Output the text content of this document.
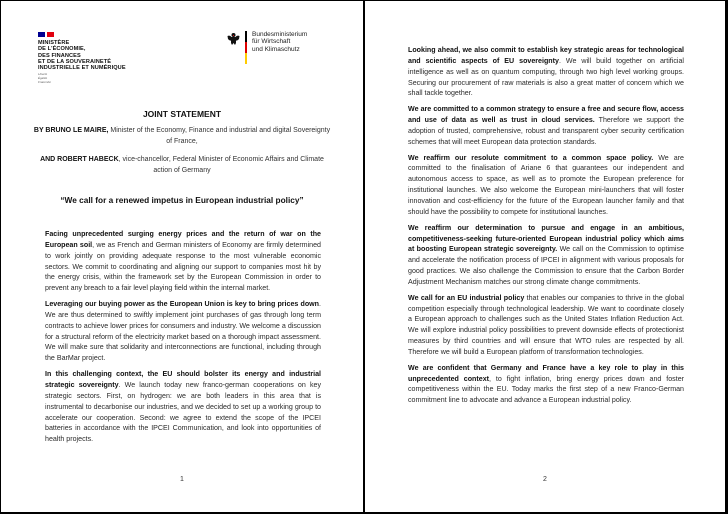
MINISTÈRE
DE L'ÉCONOMIE,
DES FINANCES
ET DE LA SOUVERAINETÉ
INDUSTRIELLE ET NUMÉRIQUE
Liberté
Égalité
Fraternité
Bundesministerium
für Wirtschaft
und Klimaschutz
JOINT STATEMENT
BY BRUNO LE MAIRE, Minister of the Economy, Finance and industrial and digital Sovereignty of France,
AND ROBERT HABECK, vice-chancellor, Federal Minister of Economic Affairs and Climate action of Germany
“We call for a renewed impetus in European industrial policy”

Facing unprecedented surging energy prices and the return of war on the European soil, we as French and German ministers of Economy are firmly determined to work jointly on providing adequate response to the most vulnerable economic sectors. We commit to coordinating and aligning our support to companies most hit by the energy crisis, within the framework set by the European Commission in order to prevent any breach to a fair level playing field within the internal market.

Leveraging our buying power as the European Union is key to bring prices down. We are thus determined to swiftly implement joint purchases of gas through long term contracts to achieve lower prices for consumers and industry. We welcome a discussion for a structural reform of the electricity market based on a thorough impact assessment. We will make sure that solidarity and interconnections are functional, including through the BarMar project.

In this challenging context, the EU should bolster its energy and industrial strategic sovereignty. We launch today new franco-german cooperations on key strategic sectors. First, on hydrogen: we are both leaders in this area that is instrumental to decarbonise our industries, and we decided to set up a working group to accelerate our cooperation. Second: we agree to extend the scope of the IPCEI batteries in accordance with the IPCEI Communication, and look into opportunities of health projects.

1

Looking ahead, we also commit to establish key strategic areas for technological and scientific aspects of EU sovereignty. We will build together on artificial intelligence as well as on quantum computing, through two high level working groups. Securing our procurement of raw materials is also a great matter of concern which we shall tackle together.

We are committed to a common strategy to ensure a free and secure flow, access and use of data as well as trust in cloud services. Therefore we support the adoption of trusted, comprehensive, robust and transparent cyber security certification schemes that will meet European data protection standards.

We reaffirm our resolute commitment to a common space policy. We are committed to the finalisation of Ariane 6 that guarantees our independent and autonomous access to space, as well as to promote the European preference for institutional launches. We also welcome the European mini-launchers that will foster innovation and cost-efficiency for the future of the European launcher family and that should have the possibility to compete for institutional launches.

We reaffirm our determination to pursue and engage in an ambitious, competitiveness-seeking future-oriented European industrial policy which aims at boosting European strategic sovereignty. We call on the Commission to optimise and accelerate the notification process of IPCEI in alignment with various proposals for good practices. We also challenge the Commission to ensure that the Carbon Border Adjustment Mechanism matches our strong climate change commitments.

We call for an EU industrial policy that enables our companies to thrive in the global competition especially through technological leadership. We want to coordinate closely a European approach to challenges such as the United States Inflation Reduction Act. We will explore industrial policy possibilities to prevent downside effects of protectionist measures by third countries and will ensure that WTO rules are respected by all. Therefore we will build a European platform of transformation technologies.

We are confident that Germany and France have a key role to play in this unprecedented context, to fight inflation, bring energy prices down and foster competitiveness within the EU. Today marks the first step of a new Franco-German commitment line to advocate and advance a European industrial policy.

2
